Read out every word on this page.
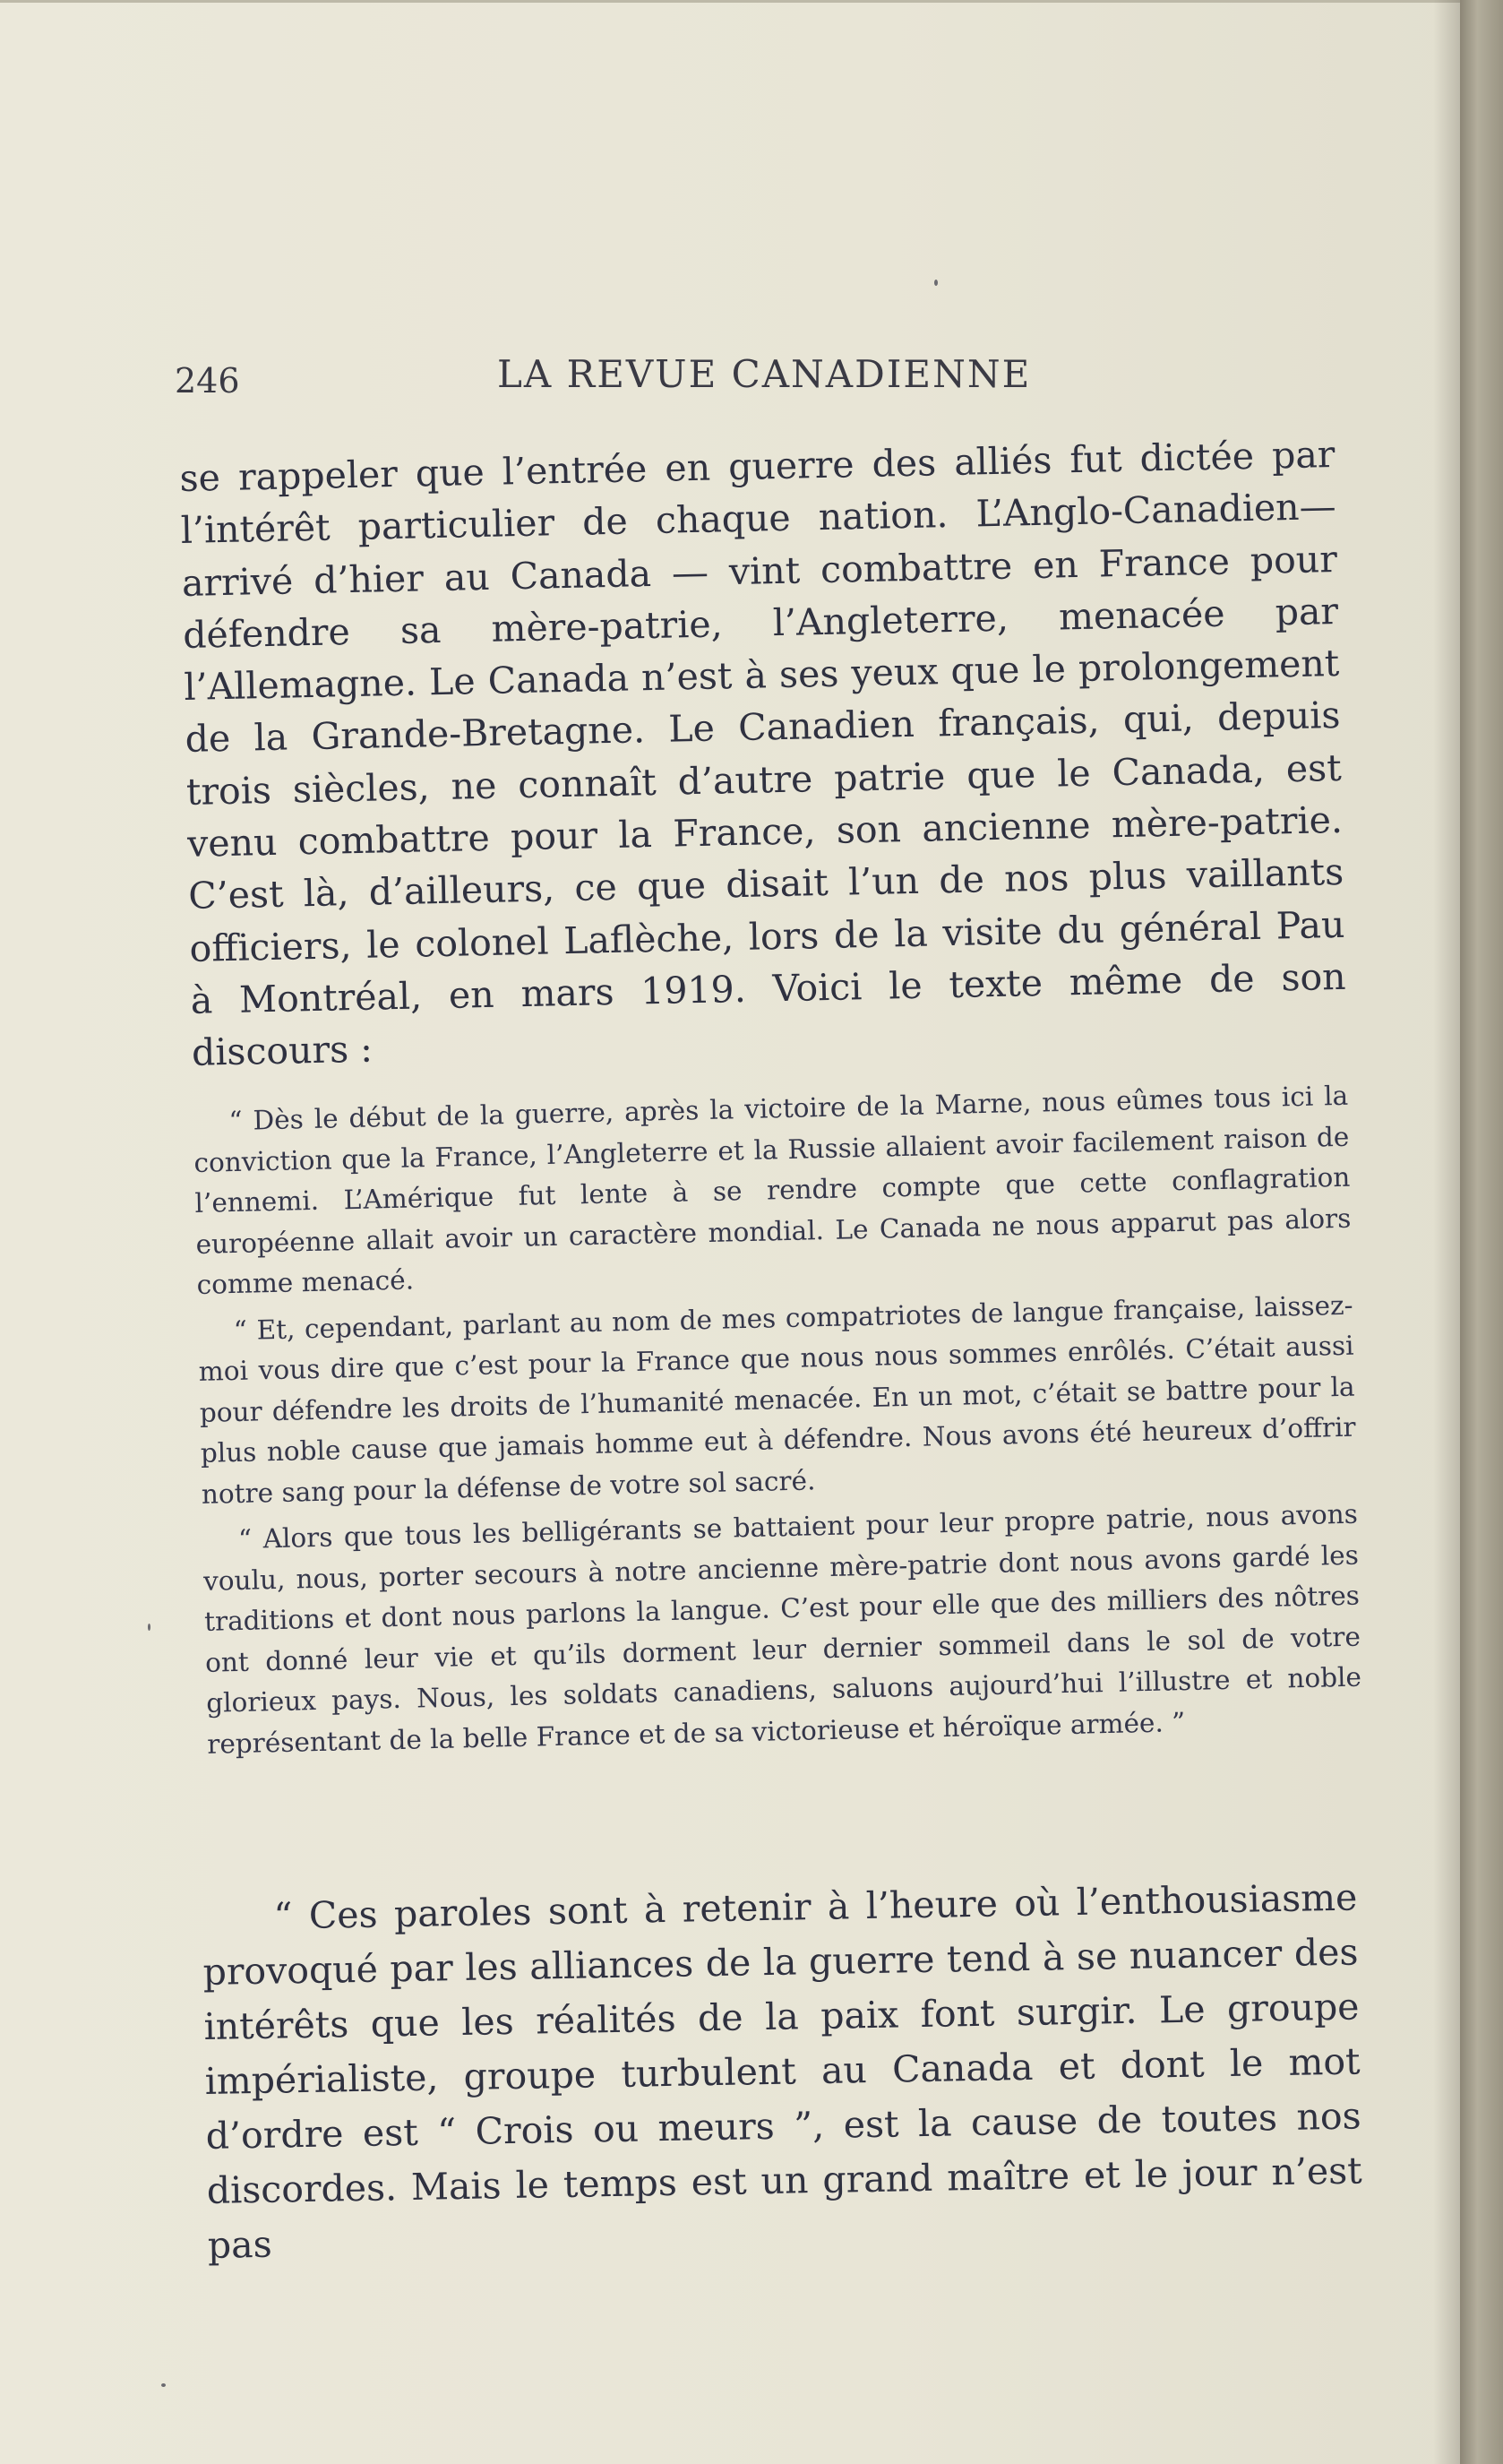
246	LA REVUE CANADIENNE

se rappeler que l’entrée en guerre des alliés fut dictée par l’intérêt particulier de chaque nation. L’Anglo-Canadien—arrivé d’hier au Canada — vint combattre en France pour défendre sa mère-patrie, l’Angleterre, menacée par l’Allemagne. Le Canada n’est à ses yeux que le prolongement de la Grande-Bretagne. Le Canadien français, qui, depuis trois siècles, ne connaît d’autre patrie que le Canada, est venu combattre pour la France, son ancienne mère-patrie. C’est là, d’ailleurs, ce que disait l’un de nos plus vaillants officiers, le colonel Laflèche, lors de la visite du général Pau à Montréal, en mars 1919. Voici le texte même de son discours :

“ Dès le début de la guerre, après la victoire de la Marne, nous eûmes tous ici la conviction que la France, l’Angleterre et la Russie allaient avoir facilement raison de l’ennemi. L’Amérique fut lente à se rendre compte que cette conflagration européenne allait avoir un caractère mondial. Le Canada ne nous apparut pas alors comme menacé.

“ Et, cependant, parlant au nom de mes compatriotes de langue française, laissez-moi vous dire que c’est pour la France que nous nous sommes enrôlés. C’était aussi pour défendre les droits de l’humanité menacée. En un mot, c’était se battre pour la plus noble cause que jamais homme eut à défendre. Nous avons été heureux d’offrir notre sang pour la défense de votre sol sacré.

“ Alors que tous les belligérants se battaient pour leur propre patrie, nous avons voulu, nous, porter secours à notre ancienne mère-patrie dont nous avons gardé les traditions et dont nous parlons la langue. C’est pour elle que des milliers des nôtres ont donné leur vie et qu’ils dorment leur dernier sommeil dans le sol de votre glorieux pays. Nous, les soldats canadiens, saluons aujourd’hui l’illustre et noble représentant de la belle France et de sa victorieuse et héroïque armée. ”

“ Ces paroles sont à retenir à l’heure où l’enthousiasme provoqué par les alliances de la guerre tend à se nuancer des intérêts que les réalités de la paix font surgir. Le groupe impérialiste, groupe turbulent au Canada et dont le mot d’ordre est “ Crois ou meurs ”, est la cause de toutes nos discordes. Mais le temps est un grand maître et le jour n’est pas
